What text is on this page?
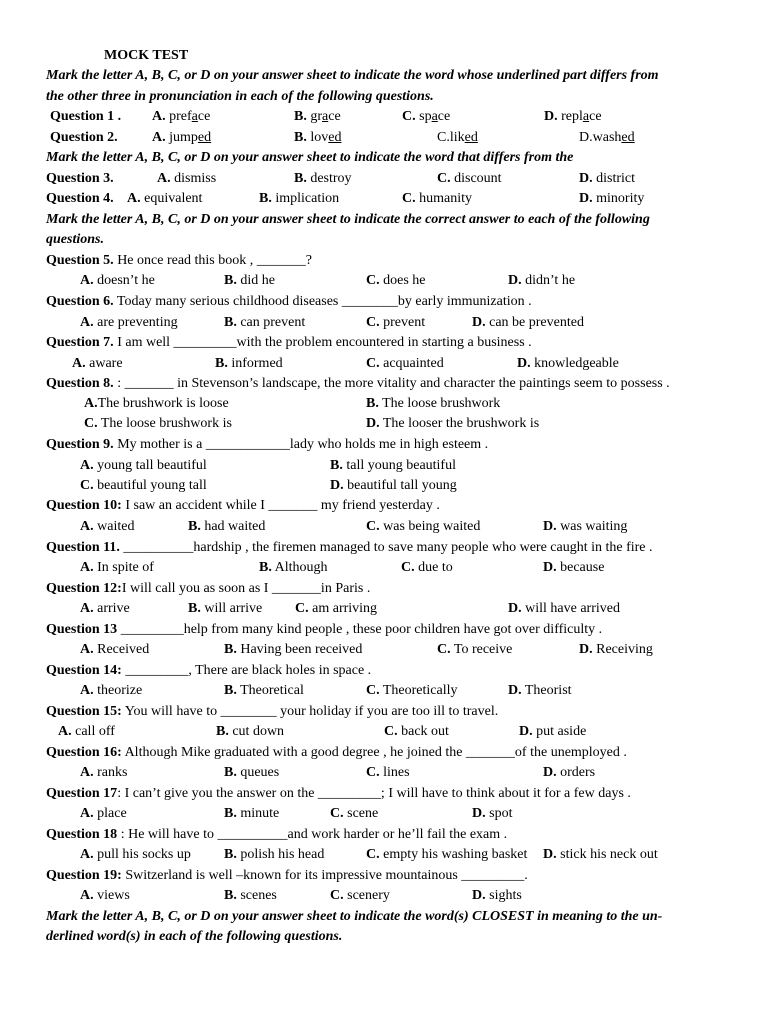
MOCK TEST
Mark the letter A, B, C, or D on your answer sheet to indicate the word whose underlined part differs from
the other three in pronunciation in each of the following questions.
Question 1 . A. preface	B. grace	C. space	D. replace
Question 2. A. jumped	B. loved	C.liked	D.washed
Mark the letter A, B, C, or D on your answer sheet to indicate the word that differs from the
Question 3.	A. dismiss	B. destroy	C. discount	D. district
Question 4. A. equivalent	B. implication	C. humanity	D. minority
Mark the letter A, B, C, or D on your answer sheet to indicate the correct answer to each of the following
questions.
Question 5. He once read this book , _______?
A. doesn’t he	B. did he	C. does he	D. didn’t he
Question 6. Today many serious childhood diseases ________by early immunization .
A. are preventing	B. can prevent	C. prevent	D. can be prevented
Question 7. I am well _________with the problem encountered in starting a business .
A. aware	B. informed	C. acquainted	D. knowledgeable
Question 8. : _______ in Stevenson’s landscape, the more vitality and character the paintings seem to possess .
A.The brushwork is loose	B. The loose brushwork
C. The loose brushwork is	D. The looser the brushwork is
Question 9. My mother is a ____________lady who holds me in high esteem .
A. young tall beautiful	B. tall young beautiful
C. beautiful young tall	D. beautiful tall young
Question 10: I saw an accident while I _______ my friend yesterday .
A. waited	B. had waited	C. was being waited	D. was waiting
Question 11. __________hardship , the firemen managed to save many people who were caught in the fire .
A. In spite of	B. Although	C. due to	D. because
Question 12:I will call you as soon as I _______in Paris .
A. arrive	B. will arrive C. am arriving	D. will have arrived
Question 13 _________help from many kind people , these poor children have got over difficulty .
A. Received	B. Having been received	C. To receive	D. Receiving
Question 14: _________, There are black holes in space .
A. theorize	B. Theoretical	C. Theoretically	D. Theorist
Question 15: You will have to ________ your holiday if you are too ill to travel.
A. call off	B. cut down	C. back out	D. put aside
Question 16: Although Mike graduated with a good degree , he joined the _______of the unemployed .
A. ranks	B. queues	C. lines	D. orders
Question 17: I can’t give you the answer on the _________; I will have to think about it for a few days .
A. place	B. minute	C. scene	D. spot
Question 18 : He will have to __________and work harder or he’ll fail the exam .
A. pull his socks up B. polish his head	C. empty his washing basket D. stick his neck out
Question 19: Switzerland is well –known for its impressive mountainous _________.
A. views	B. scenes	C. scenery	D. sights
Mark the letter A, B, C, or D on your answer sheet to indicate the word(s) CLOSEST in meaning to the un-
derlined word(s) in each of the following questions.
